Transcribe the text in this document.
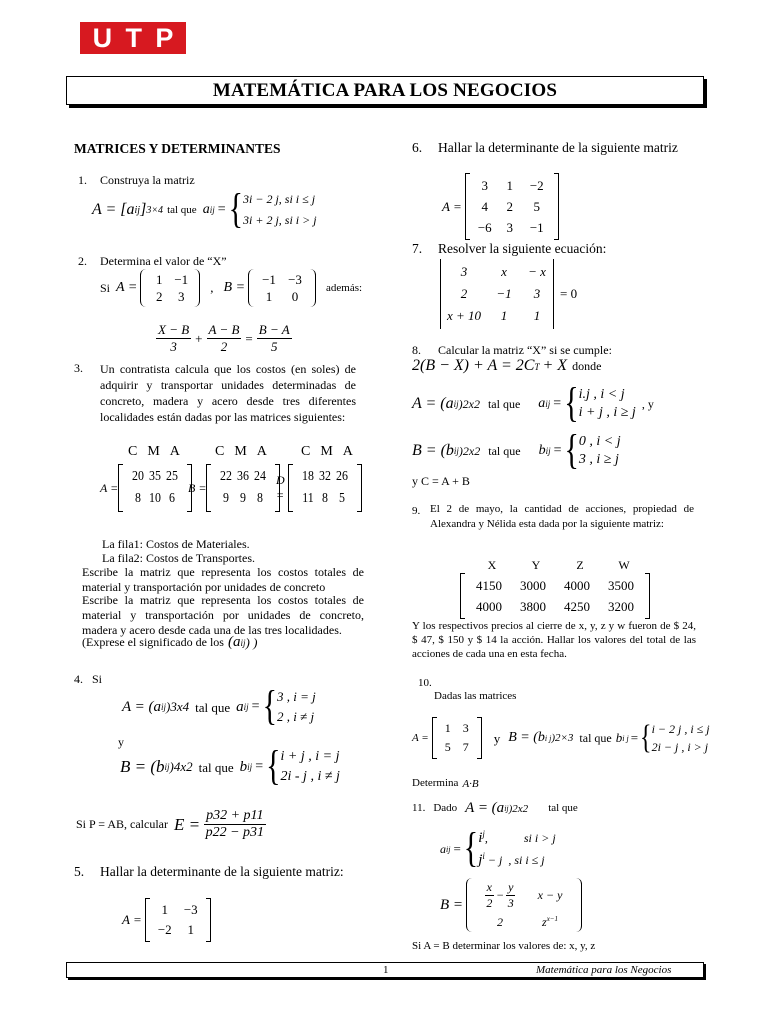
U T P
MATEMÁTICA PARA LOS NEGOCIOS
MATRICES Y DETERMINANTES
1. Construya la matriz
A = [a ij ] 3×4 tal que a ij = { 3i − 2 j, si i ≤ j
3i + 2 j, si i > j
2. Determina el valor de “X”
Si A =
1 −1
2	3
, B =
−1 −3
1	0
además:
$\frac{X - B}{3} + \frac{A - B}{2} = \frac{B - A}{5}$
3. Un contratista calcula que los costos (en soles) de adquirir y transportar unidades determinadas de concreto, madera y acero desde tres diferentes localidades están dadas por las matrices siguientes:
C M A	C M A C M A
A =
20 35 25
8 10 6
B =
22 36 24
9 9 8
D =
18 32 26
11 8 5
La fila1: Costos de Materiales.
La fila2: Costos de Transportes.
Escribe la matriz que representa los costos totales de material y transportación por unidades de concreto
Escribe la matriz que representa los costos totales de material y transportación por unidades de concreto, madera y acero desde cada una de las tres localidades.
(Exprese el significado de los (a ij ) )
4. Si
A = (a ij )3x4 tal que a ij = { 3 , i = j
2 , i ≠ j
y
B = (b ij )4x2 tal que b ij = { i + j , i = j
2i - j , i ≠ j
Si P = AB, calcular $E = \frac{p32 + p11}{p22 - p31}$
5. Hallar la determinante de la siguiente matriz:
A =
1	−3
−2	1
6. Hallar la determinante de la siguiente matriz
A =
3	1	−2
4	2	5
−6	3	−1
7. Resolver la siguiente ecuación:
3	x	− x
2	−1	3
x + 10	1	1
= 0
8. Calcular la matriz “X” si se cumple:
2(B − X) + A = 2C T + X donde
A = (a ij )2x2 tal que a ij = { i.j , i < j
i + j , i ≥ j
, y
B = (b ij )2x2 tal que b ij = { 0 , i < j
3 , i ≥ j
y C = A + B
9. El 2 de mayo, la cantidad de acciones, propiedad de Alexandra y Nélida esta dada por la siguiente matriz:
X	Y	Z	W
4150	3000	4000	3500
4000	3800	4250	3200
Y los respectivos precios al cierre de x, y, z y w fueron de $ 24, $ 47, $ 150 y $ 14 la acción. Hallar los valores del total de las acciones de cada una en esta fecha.
10.
Dadas las matrices
A =
1	3
5	7
y B = (b i j )2×3 tal que b i j = { i − 2 j , i ≤ j
2i − j , i > j
Determina A·B
11. Dado A = (a ij )2x2 tal que
a ij = { $i^j$,            si i > j
$j^i - j$  , si i ≤ j
$B = \frac{x}{2} - \frac{y}{3}$	x − y
2	$z^{x-1}$
Si A = B determinar los valores de: x, y, z
1	Matemática para los Negocios
